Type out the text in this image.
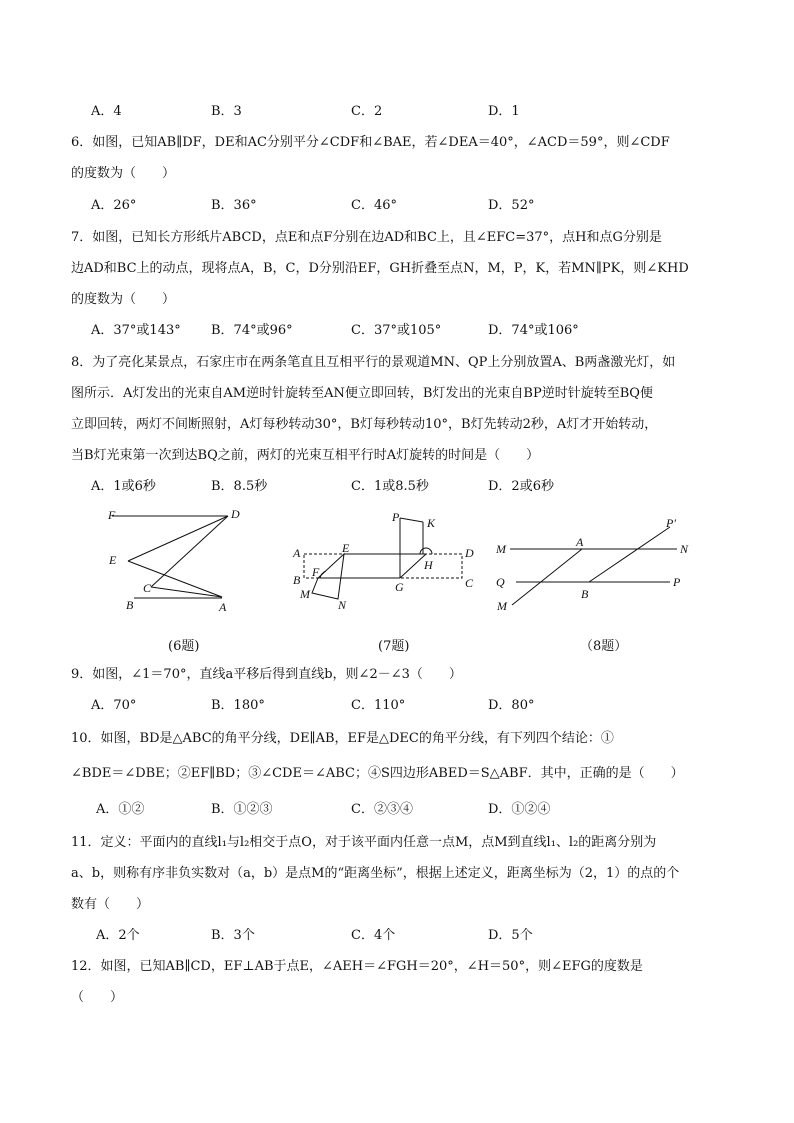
A．4	B．3	C．2	D．1
6．如图，已知AB∥DF，DE和AC分别平分∠CDF和∠BAE，若∠DEA＝40°，∠ACD＝59°，则∠CDF
的度数为（　　）
A．26°	B．36°	C．46°	D．52°
7．如图，已知长方形纸片ABCD，点E和点F分别在边AD和BC上，且∠EFC=37°，点H和点G分别是
边AD和BC上的动点，现将点A，B，C，D分别沿EF，GH折叠至点N，M，P，K，若MN∥PK，则∠KHD
的度数为（　　）
A．37°或143° B．74°或96°	C．37°或105°	D．74°或106°
8．为了亮化某景点，石家庄市在两条笔直且互相平行的景观道MN、QP上分别放置A、B两盏激光灯，如
图所示．A灯发出的光束自AM逆时针旋转至AN便立即回转，B灯发出的光束自BP逆时针旋转至BQ便
立即回转，两灯不间断照射，A灯每秒转动30°，B灯每秒转动10°，B灯先转动2秒，A灯才开始转动，
当B灯光束第一次到达BQ之前，两灯的光束互相平行时A灯旋转的时间是（　　）
A．1或6秒	B．8.5秒	C．1或8.5秒	D．2或6秒
F	D
E
C
B	A
(6题)
P K
A	E	D
B
F	H
C
M
N
G
(7题)
P′
M	A	N
Q	P
B
M
（8题）
9．如图，∠1＝70°，直线a平移后得到直线b，则∠2－∠3（　　）
A．70°	B．180°	C．110°	D．80°
10．如图，BD是△ABC的角平分线，DE∥AB，EF是△DEC的角平分线，有下列四个结论：①
∠BDE＝∠DBE；②EF∥BD；③∠CDE＝∠ABC；④S四边形ABED＝S△ABF．其中，正确的是（　　）
A．①②	B．①②③	C．②③④	D．①②④
11．定义：平面内的直线l₁与l₂相交于点O，对于该平面内任意一点M，点M到直线l₁、l₂的距离分别为
a、b，则称有序非负实数对（a，b）是点M的“距离坐标”，根据上述定义，距离坐标为（2，1）的点的个
数有（　　）
A．2个	B．3个	C．4个	D．5个
12．如图，已知AB∥CD，EF⊥AB于点E，∠AEH＝∠FGH＝20°，∠H＝50°，则∠EFG的度数是
（　　）
